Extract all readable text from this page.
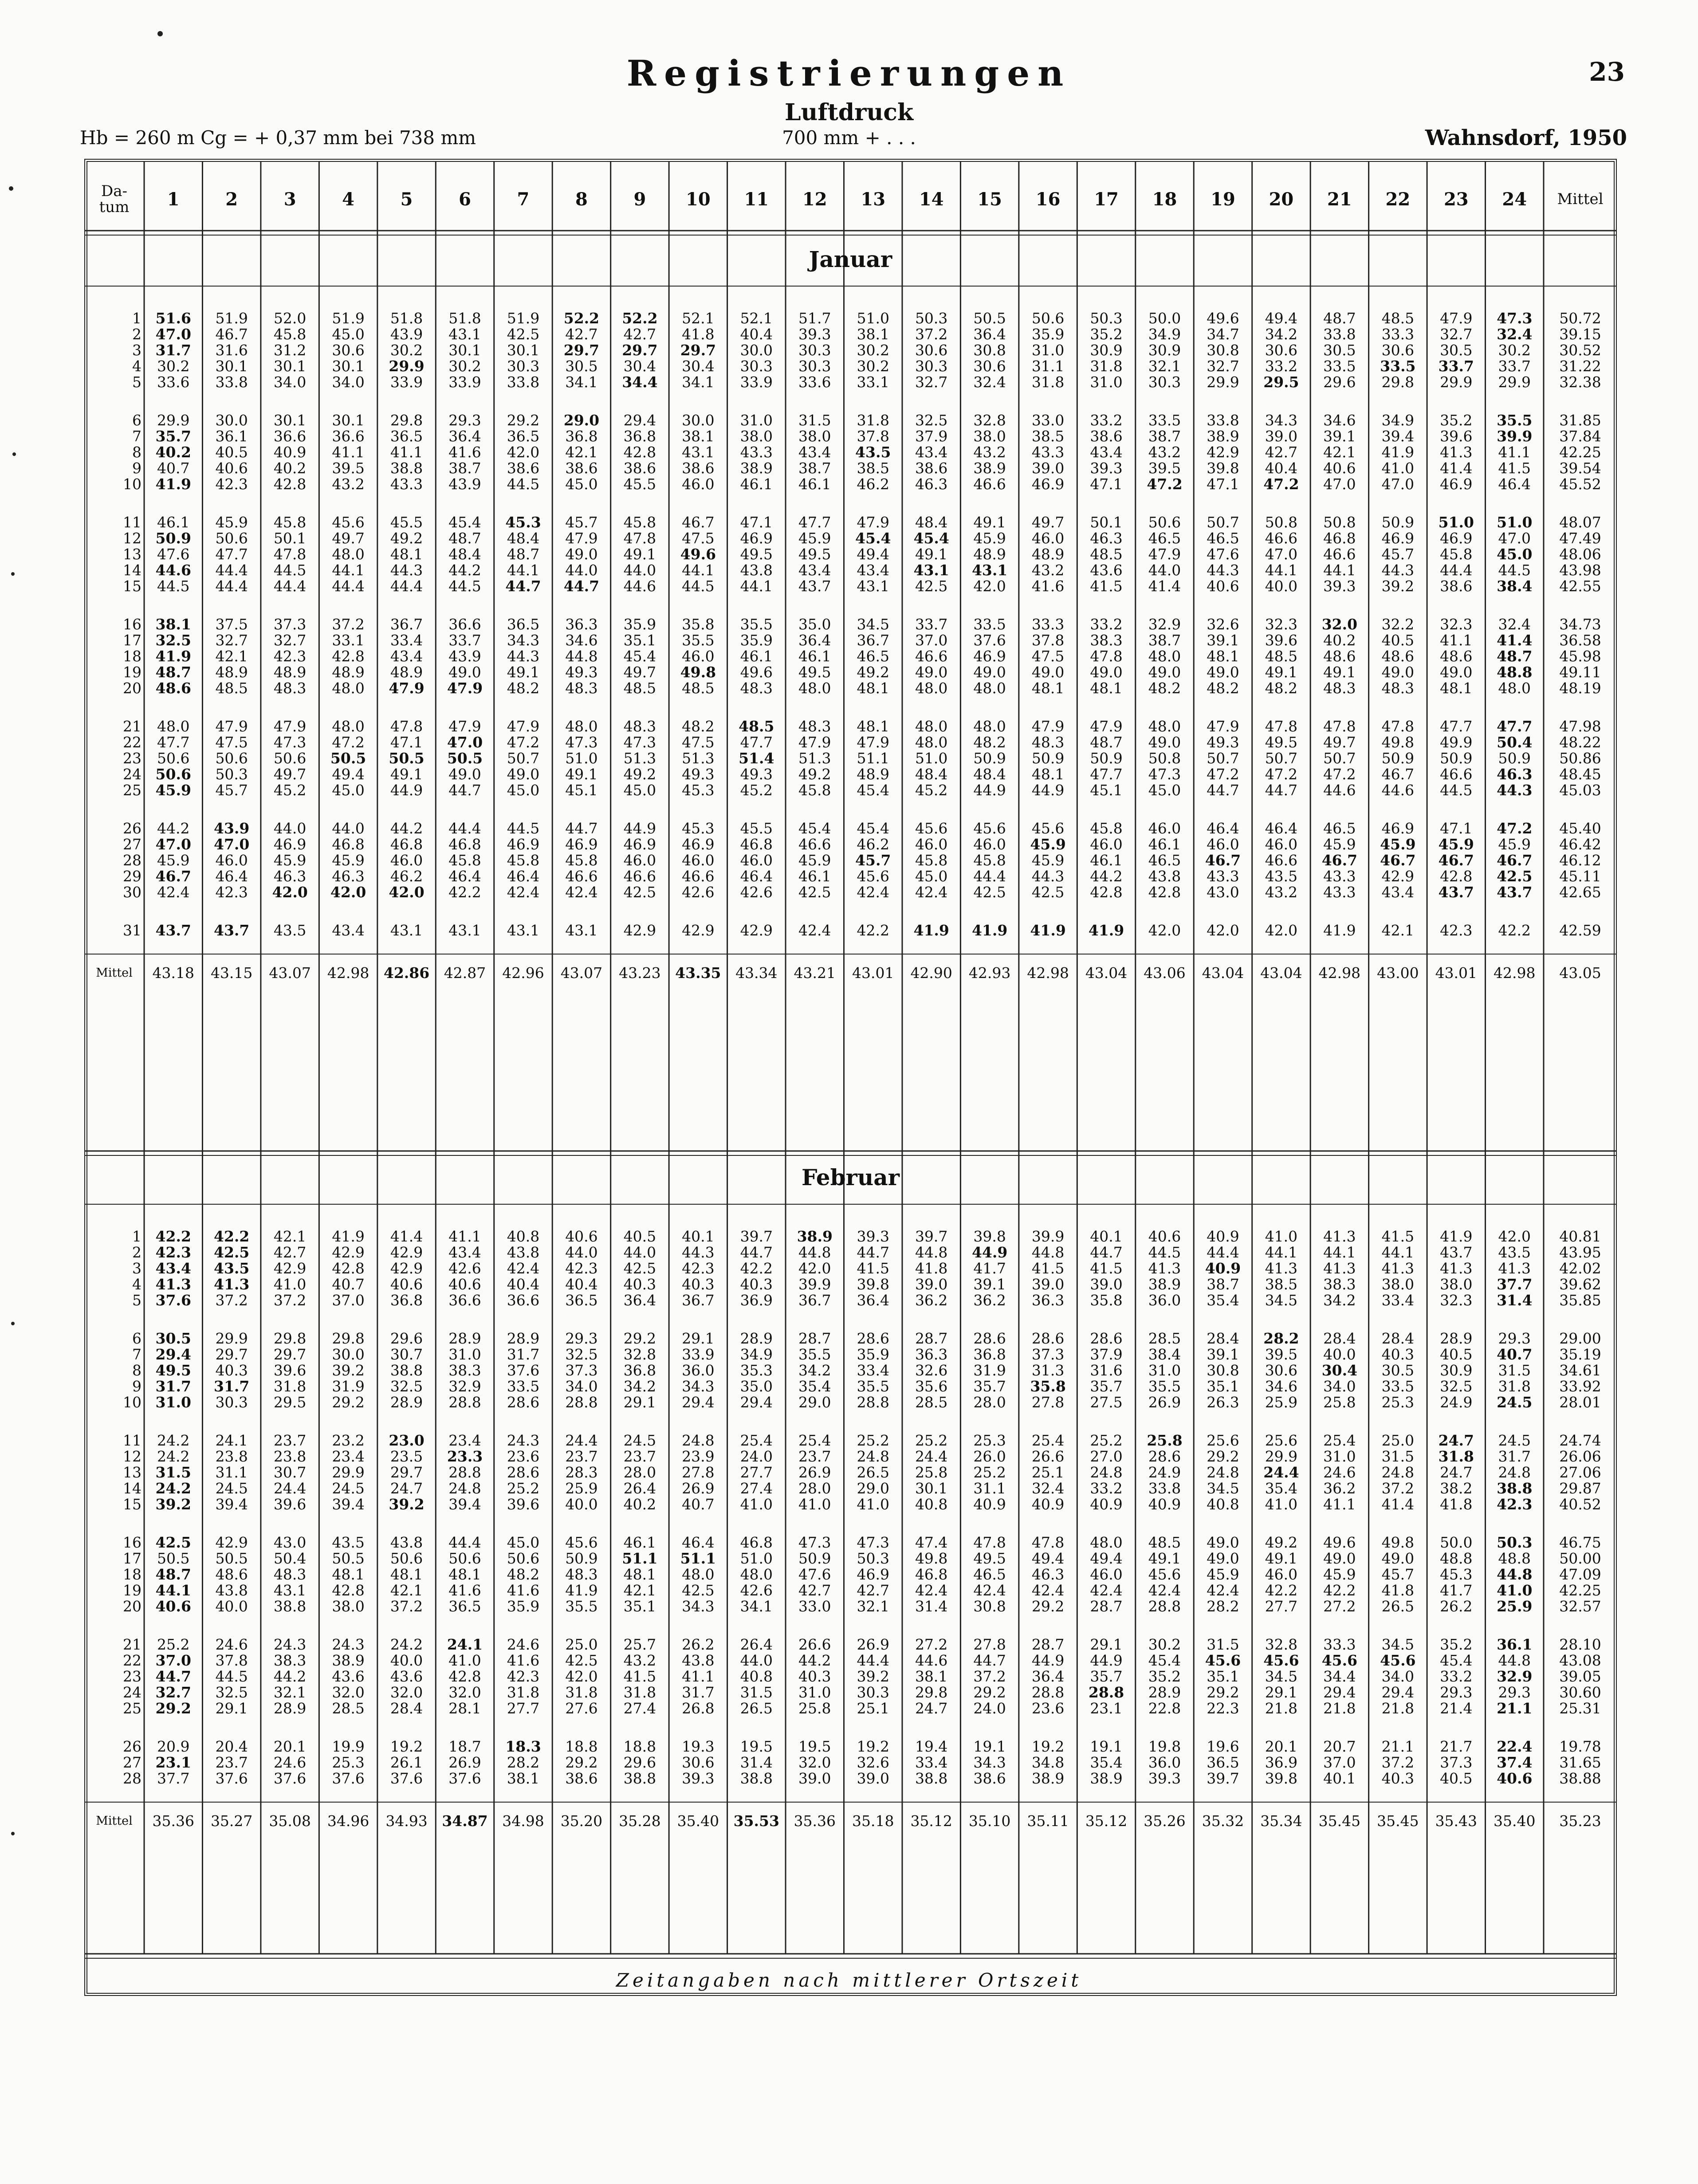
Registrierungen	23
Luftdruck
700 mm + . . .
Hb = 260 m Cg = + 0,37 mm bei 738 mm	Wahnsdorf, 1950
Da-tum	1	2	3	4	5	6	7	8	9	10	11	12	13	14	15	16	17	18	19	20	21	22	23	24	Mittel
Januar
1 51.6	51.9	52.0	51.9	51.8	51.8	51.9	52.2	52.2	52.1	52.1	51.7	51.0	50.3	50.5	50.6	50.3	50.0	49.6	49.4	48.7	48.5	47.9	47.3	50.72
2 47.0	46.7	45.8	45.0	43.9	43.1	42.5	42.7	42.7	41.8	40.4	39.3	38.1	37.2	36.4	35.9	35.2	34.9	34.7	34.2	33.8	33.3	32.7	32.4	39.15
3 31.7	31.6	31.2	30.6	30.2	30.1	30.1	29.7	29.7	29.7	30.0	30.3	30.2	30.6	30.8	31.0	30.9	30.9	30.8	30.6	30.5	30.6	30.5	30.2	30.52
4	30.2	30.1	30.1	30.1	29.9	30.2	30.3	30.5	30.4	30.4	30.3	30.3	30.2	30.3	30.6	31.1	31.8	32.1	32.7	33.2	33.5	33.5	33.7	33.7	31.22
5	33.6	33.8	34.0	34.0	33.9	33.9	33.8	34.1	34.4	34.1	33.9	33.6	33.1	32.7	32.4	31.8	31.0	30.3	29.9	29.5	29.6	29.8	29.9	29.9	32.38
6	29.9	30.0	30.1	30.1	29.8	29.3	29.2	29.0	29.4	30.0	31.0	31.5	31.8	32.5	32.8	33.0	33.2	33.5	33.8	34.3	34.6	34.9	35.2	35.5	31.85
7 35.7	36.1	36.6	36.6	36.5	36.4	36.5	36.8	36.8	38.1	38.0	38.0	37.8	37.9	38.0	38.5	38.6	38.7	38.9	39.0	39.1	39.4	39.6	39.9	37.84
8 40.2	40.5	40.9	41.1	41.1	41.6	42.0	42.1	42.8	43.1	43.3	43.4	43.5	43.4	43.2	43.3	43.4	43.2	42.9	42.7	42.1	41.9	41.3	41.1	42.25
9	40.7	40.6	40.2	39.5	38.8	38.7	38.6	38.6	38.6	38.6	38.9	38.7	38.5	38.6	38.9	39.0	39.3	39.5	39.8	40.4	40.6	41.0	41.4	41.5	39.54
10 41.9	42.3	42.8	43.2	43.3	43.9	44.5	45.0	45.5	46.0	46.1	46.1	46.2	46.3	46.6	46.9	47.1	47.2	47.1	47.2	47.0	47.0	46.9	46.4	45.52
11	46.1	45.9	45.8	45.6	45.5	45.4	45.3	45.7	45.8	46.7	47.1	47.7	47.9	48.4	49.1	49.7	50.1	50.6	50.7	50.8	50.8	50.9	51.0	51.0	48.07
12 50.9	50.6	50.1	49.7	49.2	48.7	48.4	47.9	47.8	47.5	46.9	45.9	45.4	45.4	45.9	46.0	46.3	46.5	46.5	46.6	46.8	46.9	46.9	47.0	47.49
13	47.6	47.7	47.8	48.0	48.1	48.4	48.7	49.0	49.1	49.6	49.5	49.5	49.4	49.1	48.9	48.9	48.5	47.9	47.6	47.0	46.6	45.7	45.8	45.0	48.06
14 44.6	44.4	44.5	44.1	44.3	44.2	44.1	44.0	44.0	44.1	43.8	43.4	43.4	43.1	43.1	43.2	43.6	44.0	44.3	44.1	44.1	44.3	44.4	44.5	43.98
15	44.5	44.4	44.4	44.4	44.4	44.5	44.7	44.7	44.6	44.5	44.1	43.7	43.1	42.5	42.0	41.6	41.5	41.4	40.6	40.0	39.3	39.2	38.6	38.4	42.55
16 38.1	37.5	37.3	37.2	36.7	36.6	36.5	36.3	35.9	35.8	35.5	35.0	34.5	33.7	33.5	33.3	33.2	32.9	32.6	32.3	32.0	32.2	32.3	32.4	34.73
17 32.5	32.7	32.7	33.1	33.4	33.7	34.3	34.6	35.1	35.5	35.9	36.4	36.7	37.0	37.6	37.8	38.3	38.7	39.1	39.6	40.2	40.5	41.1	41.4	36.58
18 41.9	42.1	42.3	42.8	43.4	43.9	44.3	44.8	45.4	46.0	46.1	46.1	46.5	46.6	46.9	47.5	47.8	48.0	48.1	48.5	48.6	48.6	48.6	48.7	45.98
19 48.7	48.9	48.9	48.9	48.9	49.0	49.1	49.3	49.7	49.8	49.6	49.5	49.2	49.0	49.0	49.0	49.0	49.0	49.0	49.1	49.1	49.0	49.0	48.8	49.11
20 48.6	48.5	48.3	48.0	47.9	47.9	48.2	48.3	48.5	48.5	48.3	48.0	48.1	48.0	48.0	48.1	48.1	48.2	48.2	48.2	48.3	48.3	48.1	48.0	48.19
21	48.0	47.9	47.9	48.0	47.8	47.9	47.9	48.0	48.3	48.2	48.5	48.3	48.1	48.0	48.0	47.9	47.9	48.0	47.9	47.8	47.8	47.8	47.7	47.7	47.98
22	47.7	47.5	47.3	47.2	47.1	47.0	47.2	47.3	47.3	47.5	47.7	47.9	47.9	48.0	48.2	48.3	48.7	49.0	49.3	49.5	49.7	49.8	49.9	50.4	48.22
23	50.6	50.6	50.6	50.5	50.5	50.5	50.7	51.0	51.3	51.3	51.4	51.3	51.1	51.0	50.9	50.9	50.9	50.8	50.7	50.7	50.7	50.9	50.9	50.9	50.86
24 50.6	50.3	49.7	49.4	49.1	49.0	49.0	49.1	49.2	49.3	49.3	49.2	48.9	48.4	48.4	48.1	47.7	47.3	47.2	47.2	47.2	46.7	46.6	46.3	48.45
25 45.9	45.7	45.2	45.0	44.9	44.7	45.0	45.1	45.0	45.3	45.2	45.8	45.4	45.2	44.9	44.9	45.1	45.0	44.7	44.7	44.6	44.6	44.5	44.3	45.03
26	44.2	43.9	44.0	44.0	44.2	44.4	44.5	44.7	44.9	45.3	45.5	45.4	45.4	45.6	45.6	45.6	45.8	46.0	46.4	46.4	46.5	46.9	47.1	47.2	45.40
27 47.0	47.0	46.9	46.8	46.8	46.8	46.9	46.9	46.9	46.9	46.8	46.6	46.2	46.0	46.0	45.9	46.0	46.1	46.0	46.0	45.9	45.9	45.9	45.9	46.42
28	45.9	46.0	45.9	45.9	46.0	45.8	45.8	45.8	46.0	46.0	46.0	45.9	45.7	45.8	45.8	45.9	46.1	46.5	46.7	46.6	46.7	46.7	46.7	46.7	46.12
29 46.7	46.4	46.3	46.3	46.2	46.4	46.4	46.6	46.6	46.6	46.4	46.1	45.6	45.0	44.4	44.3	44.2	43.8	43.3	43.5	43.3	42.9	42.8	42.5	45.11
30	42.4	42.3	42.0	42.0	42.0	42.2	42.4	42.4	42.5	42.6	42.6	42.5	42.4	42.4	42.5	42.5	42.8	42.8	43.0	43.2	43.3	43.4	43.7	43.7	42.65
31 43.7	43.7	43.5	43.4	43.1	43.1	43.1	43.1	42.9	42.9	42.9	42.4	42.2	41.9	41.9	41.9	41.9	42.0	42.0	42.0	41.9	42.1	42.3	42.2	42.59
Mittel	43.18	43.15	43.07	42.98 42.86 42.87	42.96	43.07	43.23 43.35 43.34	43.21	43.01	42.90	42.93	42.98	43.04	43.06	43.04	43.04	42.98	43.00	43.01	42.98	43.05
Februar
1 42.2	42.2	42.1	41.9	41.4	41.1	40.8	40.6	40.5	40.1	39.7	38.9	39.3	39.7	39.8	39.9	40.1	40.6	40.9	41.0	41.3	41.5	41.9	42.0	40.81
2 42.3	42.5	42.7	42.9	42.9	43.4	43.8	44.0	44.0	44.3	44.7	44.8	44.7	44.8	44.9	44.8	44.7	44.5	44.4	44.1	44.1	44.1	43.7	43.5	43.95
3 43.4	43.5	42.9	42.8	42.9	42.6	42.4	42.3	42.5	42.3	42.2	42.0	41.5	41.8	41.7	41.5	41.5	41.3	40.9	41.3	41.3	41.3	41.3	41.3	42.02
4 41.3	41.3	41.0	40.7	40.6	40.6	40.4	40.4	40.3	40.3	40.3	39.9	39.8	39.0	39.1	39.0	39.0	38.9	38.7	38.5	38.3	38.0	38.0	37.7	39.62
5 37.6	37.2	37.2	37.0	36.8	36.6	36.6	36.5	36.4	36.7	36.9	36.7	36.4	36.2	36.2	36.3	35.8	36.0	35.4	34.5	34.2	33.4	32.3	31.4	35.85
6 30.5	29.9	29.8	29.8	29.6	28.9	28.9	29.3	29.2	29.1	28.9	28.7	28.6	28.7	28.6	28.6	28.6	28.5	28.4	28.2	28.4	28.4	28.9	29.3	29.00
7 29.4	29.7	29.7	30.0	30.7	31.0	31.7	32.5	32.8	33.9	34.9	35.5	35.9	36.3	36.8	37.3	37.9	38.4	39.1	39.5	40.0	40.3	40.5	40.7	35.19
8 49.5	40.3	39.6	39.2	38.8	38.3	37.6	37.3	36.8	36.0	35.3	34.2	33.4	32.6	31.9	31.3	31.6	31.0	30.8	30.6	30.4	30.5	30.9	31.5	34.61
9 31.7	31.7	31.8	31.9	32.5	32.9	33.5	34.0	34.2	34.3	35.0	35.4	35.5	35.6	35.7	35.8	35.7	35.5	35.1	34.6	34.0	33.5	32.5	31.8	33.92
10 31.0	30.3	29.5	29.2	28.9	28.8	28.6	28.8	29.1	29.4	29.4	29.0	28.8	28.5	28.0	27.8	27.5	26.9	26.3	25.9	25.8	25.3	24.9	24.5	28.01
11	24.2	24.1	23.7	23.2	23.0	23.4	24.3	24.4	24.5	24.8	25.4	25.4	25.2	25.2	25.3	25.4	25.2	25.8	25.6	25.6	25.4	25.0	24.7	24.5	24.74
12	24.2	23.8	23.8	23.4	23.5	23.3	23.6	23.7	23.7	23.9	24.0	23.7	24.8	24.4	26.0	26.6	27.0	28.6	29.2	29.9	31.0	31.5	31.8	31.7	26.06
13 31.5	31.1	30.7	29.9	29.7	28.8	28.6	28.3	28.0	27.8	27.7	26.9	26.5	25.8	25.2	25.1	24.8	24.9	24.8	24.4	24.6	24.8	24.7	24.8	27.06
14 24.2	24.5	24.4	24.5	24.7	24.8	25.2	25.9	26.4	26.9	27.4	28.0	29.0	30.1	31.1	32.4	33.2	33.8	34.5	35.4	36.2	37.2	38.2	38.8	29.87
15 39.2	39.4	39.6	39.4	39.2	39.4	39.6	40.0	40.2	40.7	41.0	41.0	41.0	40.8	40.9	40.9	40.9	40.9	40.8	41.0	41.1	41.4	41.8	42.3	40.52
16 42.5	42.9	43.0	43.5	43.8	44.4	45.0	45.6	46.1	46.4	46.8	47.3	47.3	47.4	47.8	47.8	48.0	48.5	49.0	49.2	49.6	49.8	50.0	50.3	46.75
17	50.5	50.5	50.4	50.5	50.6	50.6	50.6	50.9	51.1	51.1	51.0	50.9	50.3	49.8	49.5	49.4	49.4	49.1	49.0	49.1	49.0	49.0	48.8	48.8	50.00
18 48.7	48.6	48.3	48.1	48.1	48.1	48.2	48.3	48.1	48.0	48.0	47.6	46.9	46.8	46.5	46.3	46.0	45.6	45.9	46.0	45.9	45.7	45.3	44.8	47.09
19 44.1	43.8	43.1	42.8	42.1	41.6	41.6	41.9	42.1	42.5	42.6	42.7	42.7	42.4	42.4	42.4	42.4	42.4	42.4	42.2	42.2	41.8	41.7	41.0	42.25
20 40.6	40.0	38.8	38.0	37.2	36.5	35.9	35.5	35.1	34.3	34.1	33.0	32.1	31.4	30.8	29.2	28.7	28.8	28.2	27.7	27.2	26.5	26.2	25.9	32.57
21	25.2	24.6	24.3	24.3	24.2	24.1	24.6	25.0	25.7	26.2	26.4	26.6	26.9	27.2	27.8	28.7	29.1	30.2	31.5	32.8	33.3	34.5	35.2	36.1	28.10
22 37.0	37.8	38.3	38.9	40.0	41.0	41.6	42.5	43.2	43.8	44.0	44.2	44.4	44.6	44.7	44.9	44.9	45.4	45.6	45.6	45.6	45.6	45.4	44.8	43.08
23 44.7	44.5	44.2	43.6	43.6	42.8	42.3	42.0	41.5	41.1	40.8	40.3	39.2	38.1	37.2	36.4	35.7	35.2	35.1	34.5	34.4	34.0	33.2	32.9	39.05
24 32.7	32.5	32.1	32.0	32.0	32.0	31.8	31.8	31.8	31.7	31.5	31.0	30.3	29.8	29.2	28.8	28.8	28.9	29.2	29.1	29.4	29.4	29.3	29.3	30.60
25 29.2	29.1	28.9	28.5	28.4	28.1	27.7	27.6	27.4	26.8	26.5	25.8	25.1	24.7	24.0	23.6	23.1	22.8	22.3	21.8	21.8	21.8	21.4	21.1	25.31
26	20.9	20.4	20.1	19.9	19.2	18.7	18.3	18.8	18.8	19.3	19.5	19.5	19.2	19.4	19.1	19.2	19.1	19.8	19.6	20.1	20.7	21.1	21.7	22.4	19.78
27 23.1	23.7	24.6	25.3	26.1	26.9	28.2	29.2	29.6	30.6	31.4	32.0	32.6	33.4	34.3	34.8	35.4	36.0	36.5	36.9	37.0	37.2	37.3	37.4	31.65
28	37.7	37.6	37.6	37.6	37.6	37.6	38.1	38.6	38.8	39.3	38.8	39.0	39.0	38.8	38.6	38.9	38.9	39.3	39.7	39.8	40.1	40.3	40.5	40.6	38.88
Mittel	35.36	35.27	35.08	34.96	34.93 34.87 34.98	35.20	35.28	35.40 35.53 35.36	35.18	35.12	35.10	35.11	35.12	35.26	35.32	35.34	35.45	35.45	35.43	35.40	35.23
Zeitangaben nach mittlerer Ortszeit
